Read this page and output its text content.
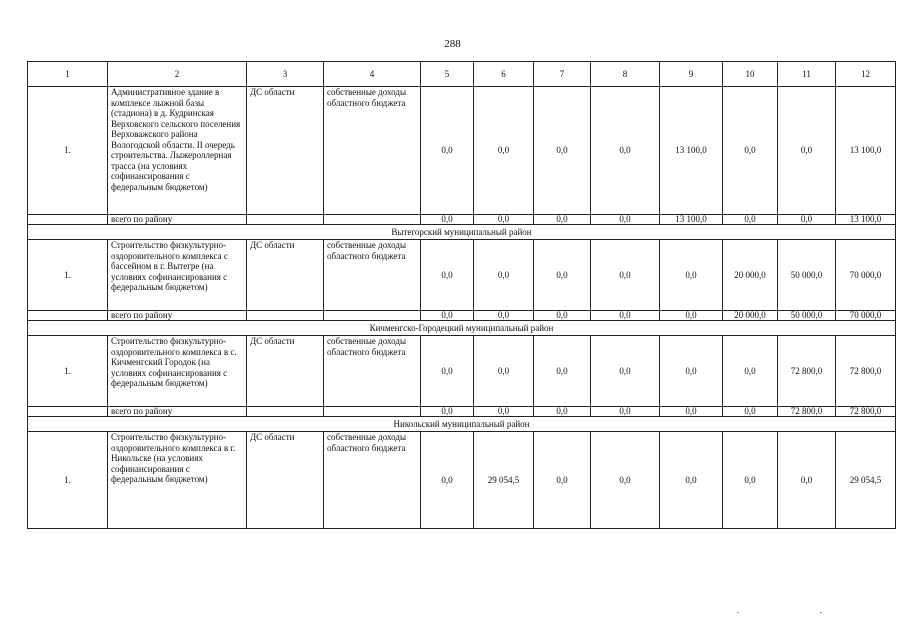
288
1	2	3	4	5	6	7	8	9	10	11	12
1.	Административное здание в комплексе лыжной базы (стадиона) в д. Кудринская Верховского сельского поселения Верховажского района Вологодской области. II очередь строительства. Лыжероллерная трасса (на условиях софинансирования с федеральным бюджетом)	ДС области	собственные доходы областного бюджета	0,0	0,0	0,0	0,0	13 100,0	0,0	0,0	13 100,0
	всего по району			0,0	0,0	0,0	0,0	13 100,0	0,0	0,0	13 100,0
Вытегорский муниципальный район											
1.	Строительство физкультурно-оздоровительного комплекса с бассейном в г. Вытегре (на условиях софинансирования с федеральным бюджетом)	ДС области	собственные доходы областного бюджета	0,0	0,0	0,0	0,0	0,0	20 000,0	50 000,0	70 000,0
	всего по району			0,0	0,0	0,0	0,0	0,0	20 000,0	50 000,0	70 000,0
Кичменгско-Городецкий муниципальный район											
1.	Строительство физкультурно-оздоровительного комплекса в с. Кичменгский Городок (на условиях софинансирования с федеральным бюджетом)	ДС области	собственные доходы областного бюджета	0,0	0,0	0,0	0,0	0,0	0,0	72 800,0	72 800,0
	всего по району			0,0	0,0	0,0	0,0	0,0	0,0	72 800,0	72 800,0
Никольский муниципальный район											
1.	Строительство физкультурно-оздоровительного комплекса в г. Никольске (на условиях софинансирования с федеральным бюджетом)	ДС области	собственные доходы областного бюджета	0,0	29 054,5	0,0	0,0	0,0	0,0	0,0	29 054,5
